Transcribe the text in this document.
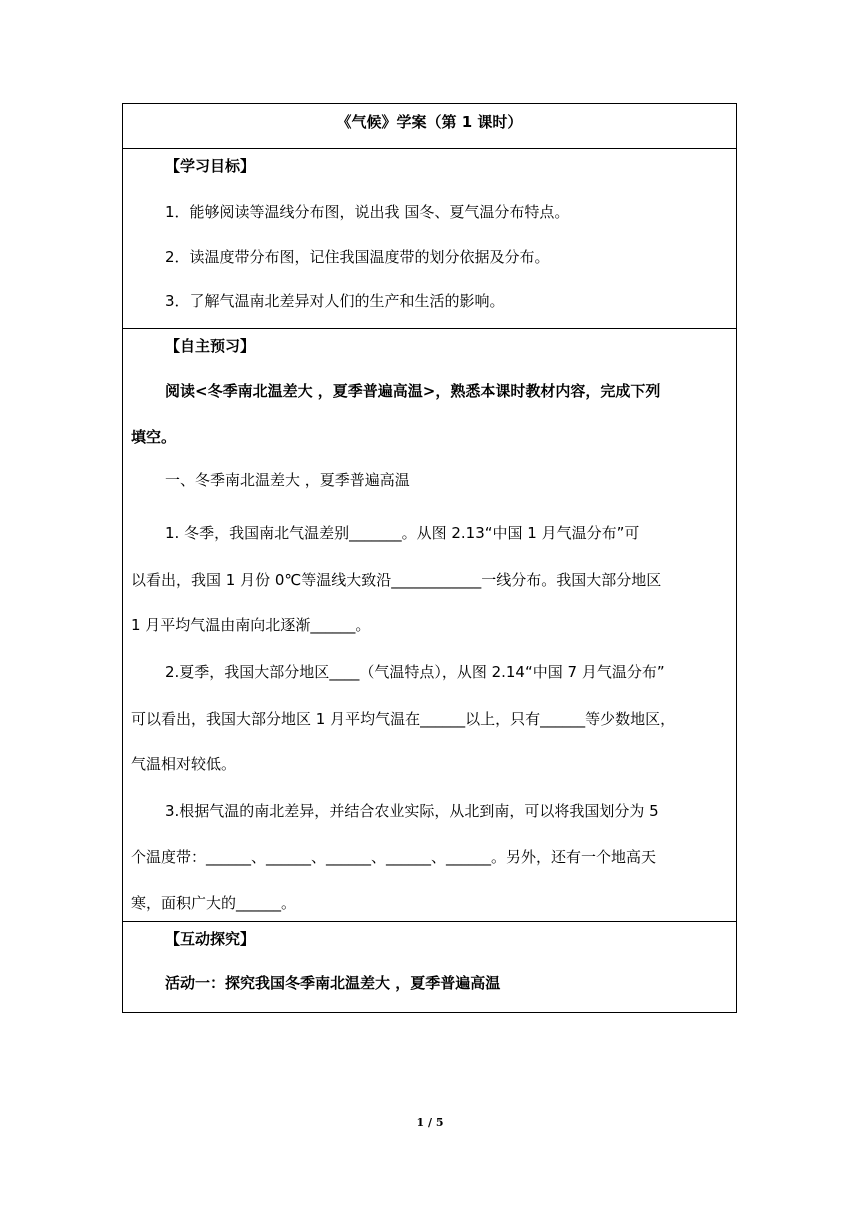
《气候》学案（第 1 课时）
【学习目标】
1．能够阅读等温线分布图，说出我 国冬、夏气温分布特点。
2．读温度带分布图，记住我国温度带的划分依据及分布。
3．了解气温南北差异对人们的生产和生活的影响。
【自主预习】
阅读<冬季南北温差大 ，夏季普遍高温>，熟悉本课时教材内容，完成下列
填空。
一、冬季南北温差大 ，夏季普遍高温
1. 冬季，我国南北气温差别_______。从图 2.13“中国 1 月气温分布”可
以看出，我国 1 月份 0℃等温线大致沿____________一线分布。我国大部分地区
1 月平均气温由南向北逐渐______。
2.夏季，我国大部分地区____（气温特点），从图 2.14“中国 7 月气温分布”
可以看出，我国大部分地区 1 月平均气温在______以上，只有______等少数地区，
气温相对较低。
3.根据气温的南北差异，并结合农业实际，从北到南，可以将我国划分为 5
个温度带：______、______、______、______、______。另外，还有一个地高天
寒，面积广大的______。
【互动探究】
活动一：探究我国冬季南北温差大 ，夏季普遍高温
1 / 5
